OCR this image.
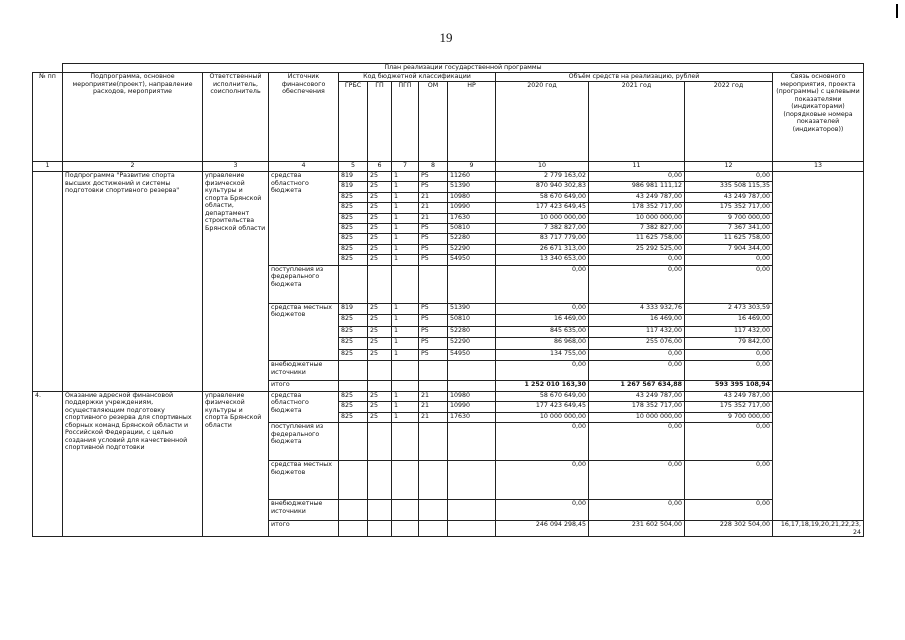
19
	План реализации государственной программы											
№ пп	Подпрограмма, основное мероприятие(проект), направление расходов, мероприятие	Ответственный исполнитель, соисполнитель	Источник финансового обеспечения	Код бюджетной классификации					Объём средств на реализацию, рублей			Связь основного мероприятия, проекта (программы) с целевыми показателями (индикаторами) (порядковые номера показателей (индикаторов))
				ГРБС	ГП	ПГП	ОМ	НР	2020 год	2021 год	2022 год	
1	2	3	4	5	6	7	8	9	10	11	12	13
	Подпрограмма "Развитие спорта высших достижений и системы подготовки спортивного резерва"	управление физической культуры и спорта Брянской области, департамент строительства Брянской области	средства областного бюджета	819	25	1	Р5	11260	2 779 163,02	0,00	0,00	
				819	25	1	Р5	51390	870 940 302,83	986 981 111,12	335 508 115,35	
				825	25	1	21	10980	58 670 649,00	43 249 787,00	43 249 787,00	
				825	25	1	21	10990	177 423 649,45	178 352 717,00	175 352 717,00	
				825	25	1	21	17630	10 000 000,00	10 000 000,00	9 700 000,00	
				825	25	1	Р5	50810	7 382 827,00	7 382 827,00	7 367 341,00	
				825	25	1	Р5	52280	83 717 779,00	11 625 758,00	11 625 758,00	
				825	25	1	Р5	52290	26 671 313,00	25 292 525,00	7 904 344,00	
				825	25	1	Р5	54950	13 340 653,00	0,00	0,00	
			поступления из федерального бюджета						0,00	0,00	0,00	
			средства местных бюджетов	819	25	1	Р5	51390	0,00	4 333 932,76	2 473 303,59	
				825	25	1	Р5	50810	16 469,00	16 469,00	16 469,00	
				825	25	1	Р5	52280	845 635,00	117 432,00	117 432,00	
				825	25	1	Р5	52290	86 968,00	255 076,00	79 842,00	
				825	25	1	Р5	54950	134 755,00	0,00	0,00	
			внебюджетные источники						0,00	0,00	0,00	
			итого						1 252 010 163,30	1 267 567 634,88	593 395 108,94	
4.	Оказание адресной финансовой поддержки учреждениям, осуществляющим подготовку спортивного резерва для спортивных сборных команд Брянской области и Российской Федерации, с целью создания условий для качественной спортивной подготовки	управление физической культуры и спорта Брянской области	средства областного бюджета	825	25	1	21	10980	58 670 649,00	43 249 787,00	43 249 787,00	
				825	25	1	21	10990	177 423 649,45	178 352 717,00	175 352 717,00	
				825	25	1	21	17630	10 000 000,00	10 000 000,00	9 700 000,00	
			поступления из федерального бюджета						0,00	0,00	0,00	
			средства местных бюджетов						0,00	0,00	0,00	
			внебюджетные источники						0,00	0,00	0,00	
			итого						246 094 298,45	231 602 504,00	228 302 504,00	16,17,18,19,20,21,22,23, 24
